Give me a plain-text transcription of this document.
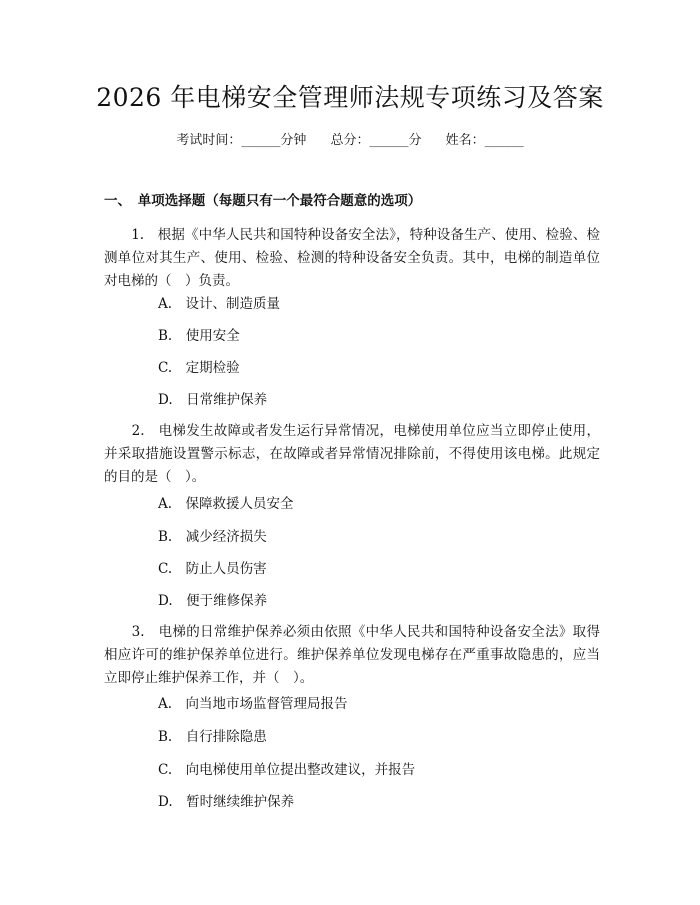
2026 年电梯安全管理师法规专项练习及答案
考试时间：______分钟 总分：______分 姓名：______
一、　单项选择题（每题只有一个最符合题意的选项）
　　1.　根据《中华人民共和国特种设备安全法》，特种设备生产、使用、检验、检测单位对其生产、使用、检验、检测的特种设备安全负责。其中，电梯的制造单位对电梯的（　）负责。
A.　设计、制造质量
B.　使用安全
C.　定期检验
D.　日常维护保养
　　2.　电梯发生故障或者发生运行异常情况，电梯使用单位应当立即停止使用，并采取措施设置警示标志，在故障或者异常情况排除前，不得使用该电梯。此规定的目的是（　）。
A.　保障救援人员安全
B.　减少经济损失
C.　防止人员伤害
D.　便于维修保养
　　3.　电梯的日常维护保养必须由依照《中华人民共和国特种设备安全法》取得相应许可的维护保养单位进行。维护保养单位发现电梯存在严重事故隐患的，应当立即停止维护保养工作，并（　）。
A.　向当地市场监督管理局报告
B.　自行排除隐患
C.　向电梯使用单位提出整改建议，并报告
D.　暂时继续维护保养
